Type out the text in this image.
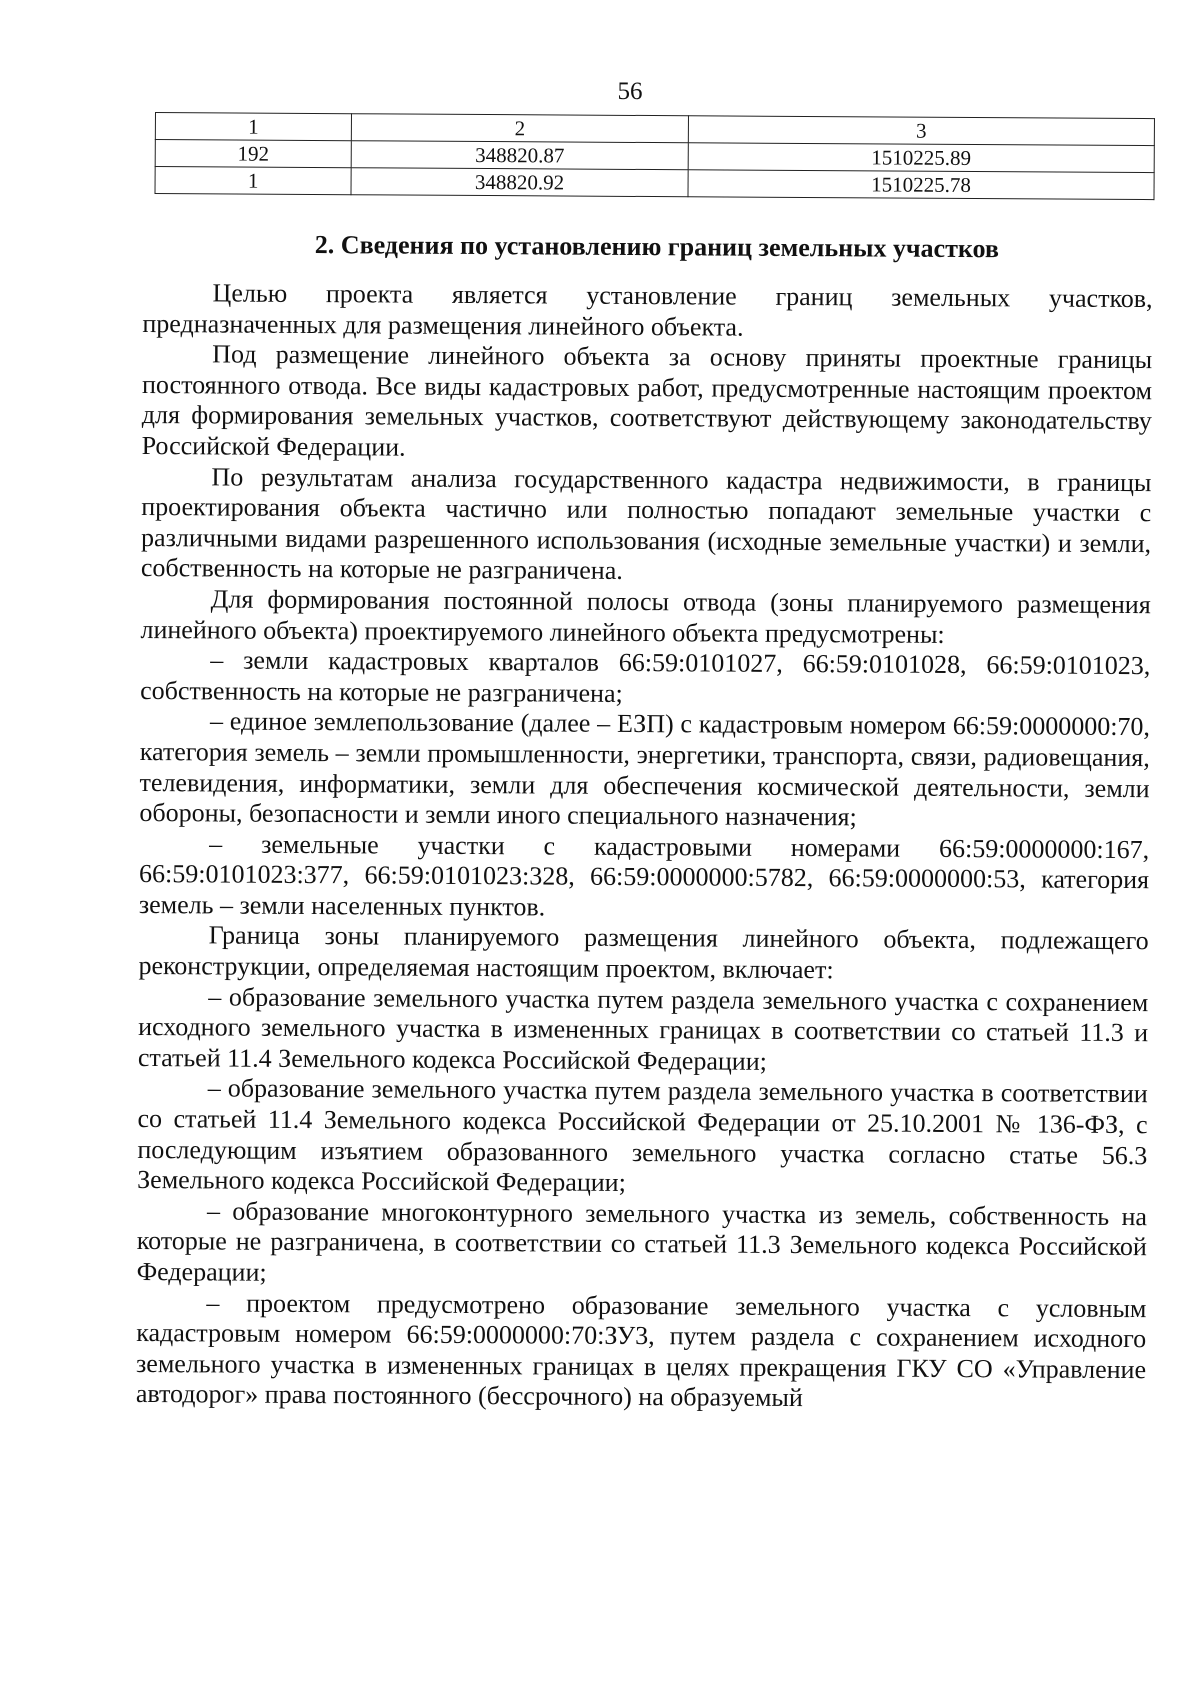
56
1	2	3
192	348820.87	1510225.89
1	348820.92	1510225.78
2. Сведения по установлению границ земельных участков

Целью проекта является установление границ земельных участков, предназначенных для размещения линейного объекта.

Под размещение линейного объекта за основу приняты проектные границы постоянного отвода. Все виды кадастровых работ, предусмотренные настоящим проектом для формирования земельных участков, соответствуют действующему законодательству Российской Федерации.

По результатам анализа государственного кадастра недвижимости, в границы проектирования объекта частично или полностью попадают земельные участки с различными видами разрешенного использования (исходные земельные участки) и земли, собственность на которые не разграничена.

Для формирования постоянной полосы отвода (зоны планируемого размещения линейного объекта) проектируемого линейного объекта предусмотрены:

– земли кадастровых кварталов 66:59:0101027, 66:59:0101028, 66:59:0101023, собственность на которые не разграничена;

– единое землепользование (далее – ЕЗП) с кадастровым номером 66:59:0000000:70, категория земель – земли промышленности, энергетики, транспорта, связи, радиовещания, телевидения, информатики, земли для обеспечения космической деятельности, земли обороны, безопасности и земли иного специального назначения;

– земельные участки с кадастровыми номерами 66:59:0000000:167, 66:59:0101023:377, 66:59:0101023:328, 66:59:0000000:5782, 66:59:0000000:53, категория земель – земли населенных пунктов.

Граница зоны планируемого размещения линейного объекта, подлежащего реконструкции, определяемая настоящим проектом, включает:

– образование земельного участка путем раздела земельного участка с сохранением исходного земельного участка в измененных границах в соответствии со статьей 11.3 и статьей 11.4 Земельного кодекса Российской Федерации;

– образование земельного участка путем раздела земельного участка в соответствии со статьей 11.4 Земельного кодекса Российской Федерации от 25.10.2001 № 136-ФЗ, с последующим изъятием образованного земельного участка согласно статье 56.3 Земельного кодекса Российской Федерации;

– образование многоконтурного земельного участка из земель, собственность на которые не разграничена, в соответствии со статьей 11.3 Земельного кодекса Российской Федерации;

– проектом предусмотрено образование земельного участка с условным кадастровым номером 66:59:0000000:70:ЗУ3, путем раздела с сохранением исходного земельного участка в измененных границах в целях прекращения ГКУ СО «Управление автодорог» права постоянного (бессрочного) на образуемый
